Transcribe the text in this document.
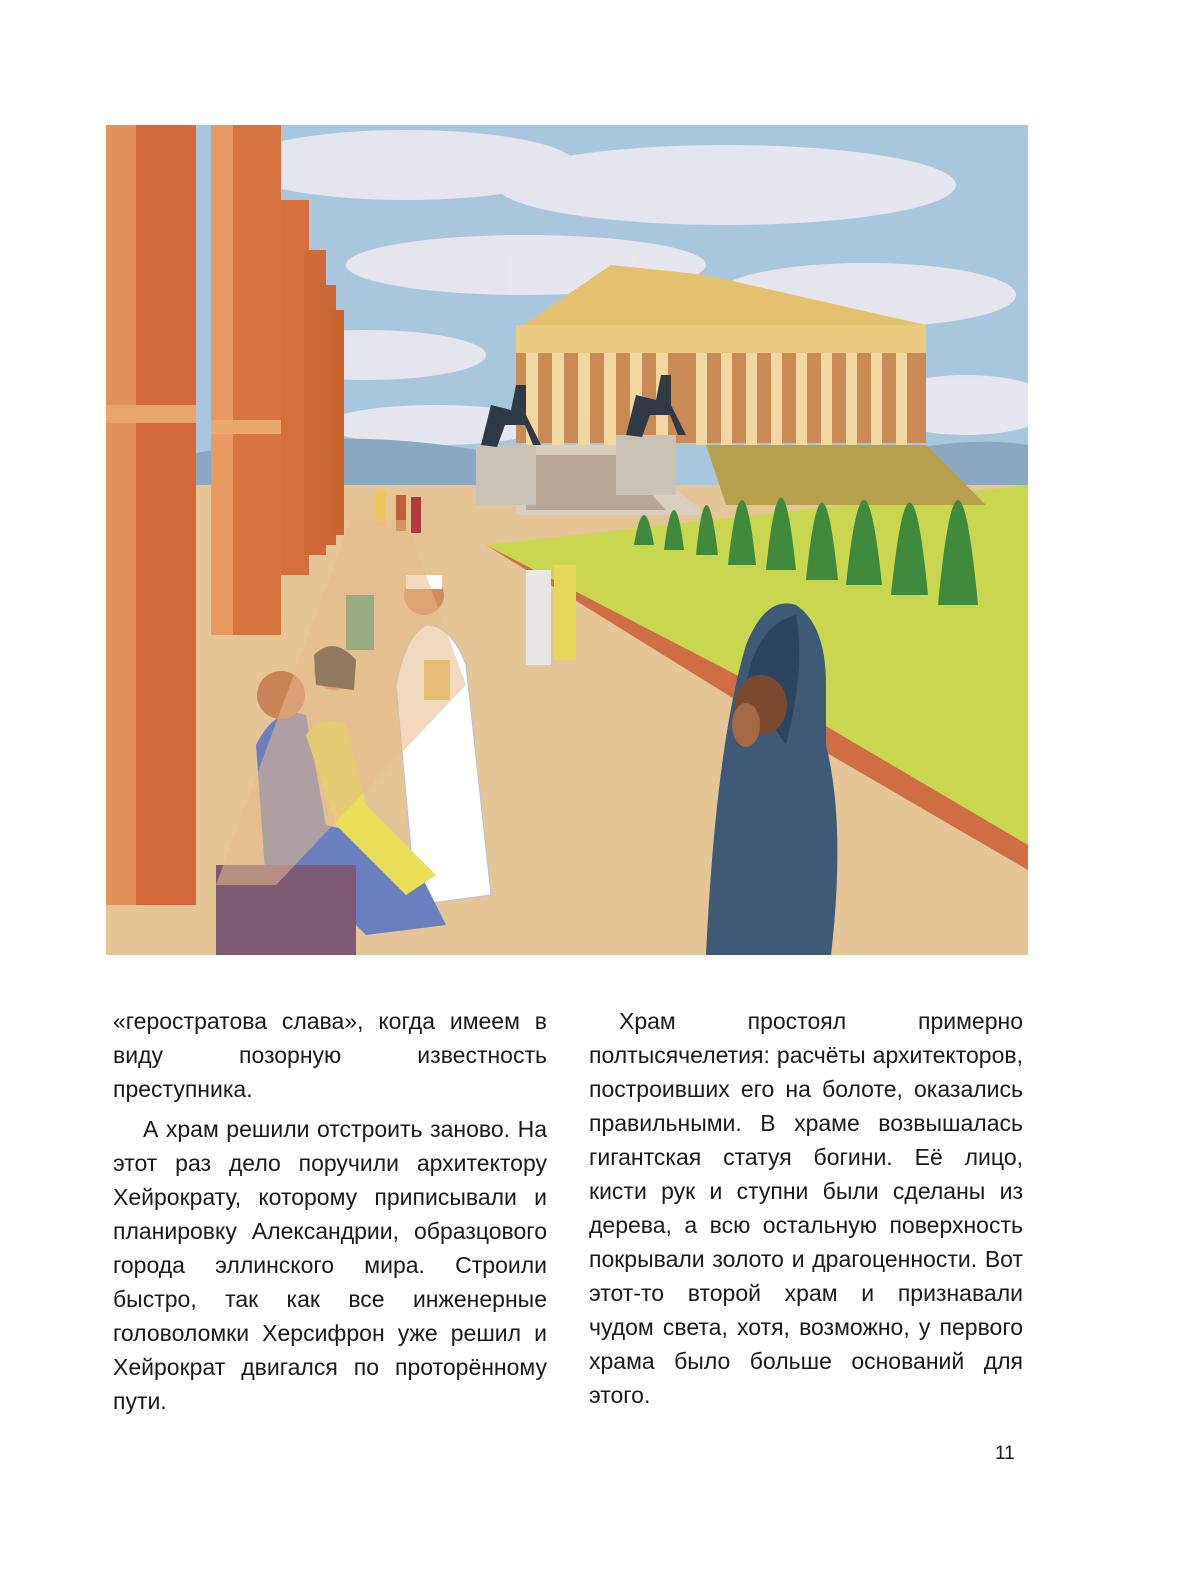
«геростратова слава», когда имеем в виду позорную известность преступника.

А храм решили отстроить заново. На этот раз дело поручили архитектору Хейрократу, которому приписывали и планировку Александрии, образцового города эллинского мира. Строили быстро, так как все инженерные головоломки Херсифрон уже решил и Хейрократ двигался по проторённому пути.

Храм простоял примерно полтысячелетия: расчёты архитекторов, построивших его на болоте, оказались правильными. В храме возвышалась гигантская статуя богини. Её лицо, кисти рук и ступни были сделаны из дерева, а всю остальную поверхность покрывали золото и драгоценности. Вот этот-то второй храм и признавали чудом света, хотя, возможно, у первого храма было больше оснований для этого.

11
